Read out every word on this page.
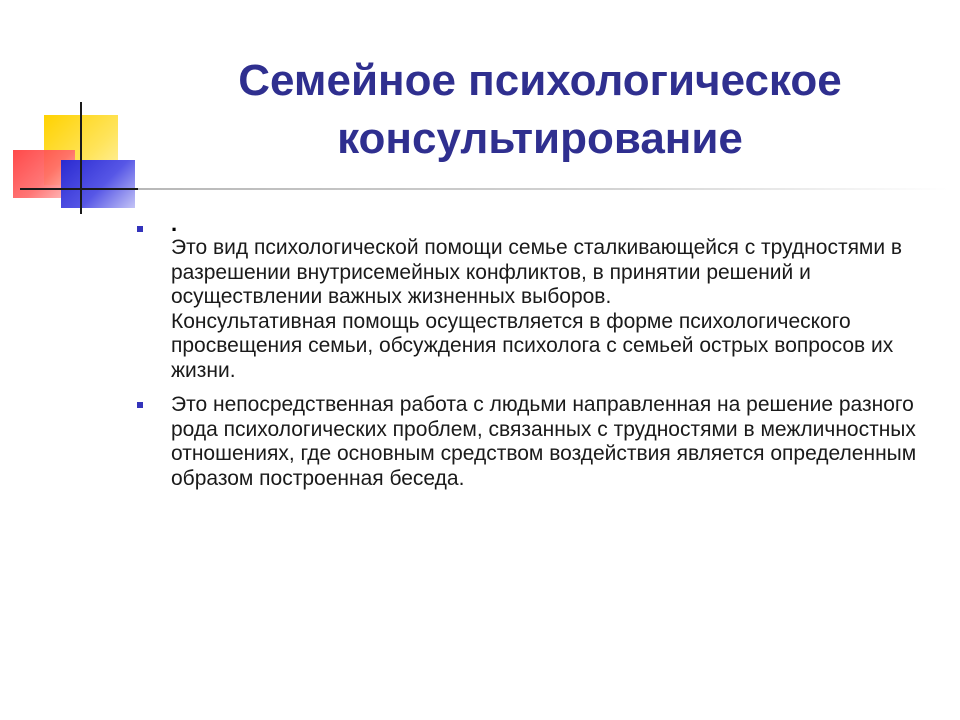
Семейное психологическое
консультирование
.

Это вид психологической помощи семье сталкивающейся с трудностями в разрешении внутрисемейных конфликтов, в принятии решений и осуществлении важных жизненных выборов.

Консультативная помощь осуществляется в форме психологического просвещения семьи, обсуждения психолога с семьей острых вопросов их жизни.

Это непосредственная работа с людьми направленная на решение разного рода психологических проблем, связанных с трудностями в межличностных отношениях, где основным средством воздействия является определенным образом построенная беседа.
